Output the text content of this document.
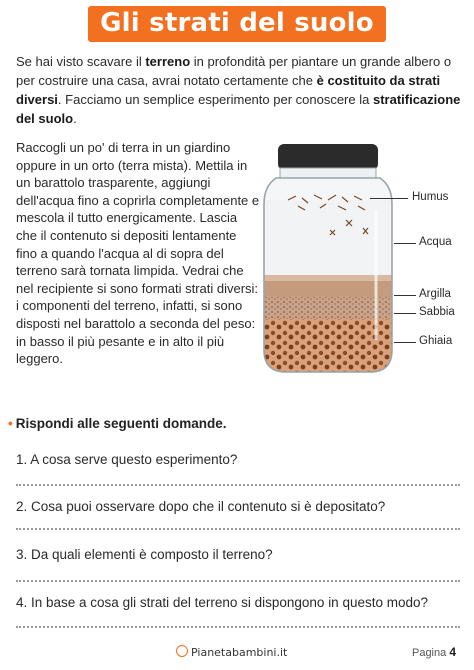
Gli strati del suolo

Se hai visto scavare il terreno in profondità per piantare un grande albero o per costruire una casa, avrai notato certamente che è costituito da strati diversi. Facciamo un semplice esperimento per conoscere la stratificazione del suolo.

Raccogli un po' di terra in un giardino oppure in un orto (terra mista). Mettila in un barattolo trasparente, aggiungi dell'acqua fino a coprirla completamente e mescola il tutto energicamente. Lascia che il contenuto si depositi lentamente fino a quando l'acqua al di sopra del terreno sarà tornata limpida. Vedrai che nel recipiente si sono formati strati diversi: i componenti del terreno, infatti, si sono disposti nel barattolo a seconda del peso: in basso il più pesante e in alto il più leggero.

Humus
Acqua
Argilla
Sabbia
Ghiaia
• Rispondi alle seguenti domande.
1. A cosa serve questo esperimento?
2. Cosa puoi osservare dopo che il contenuto si è depositato?
3. Da quali elementi è composto il terreno?
4. In base a cosa gli strati del terreno si dispongono in questo modo?
Pianetabambini.it	Pagina 4
